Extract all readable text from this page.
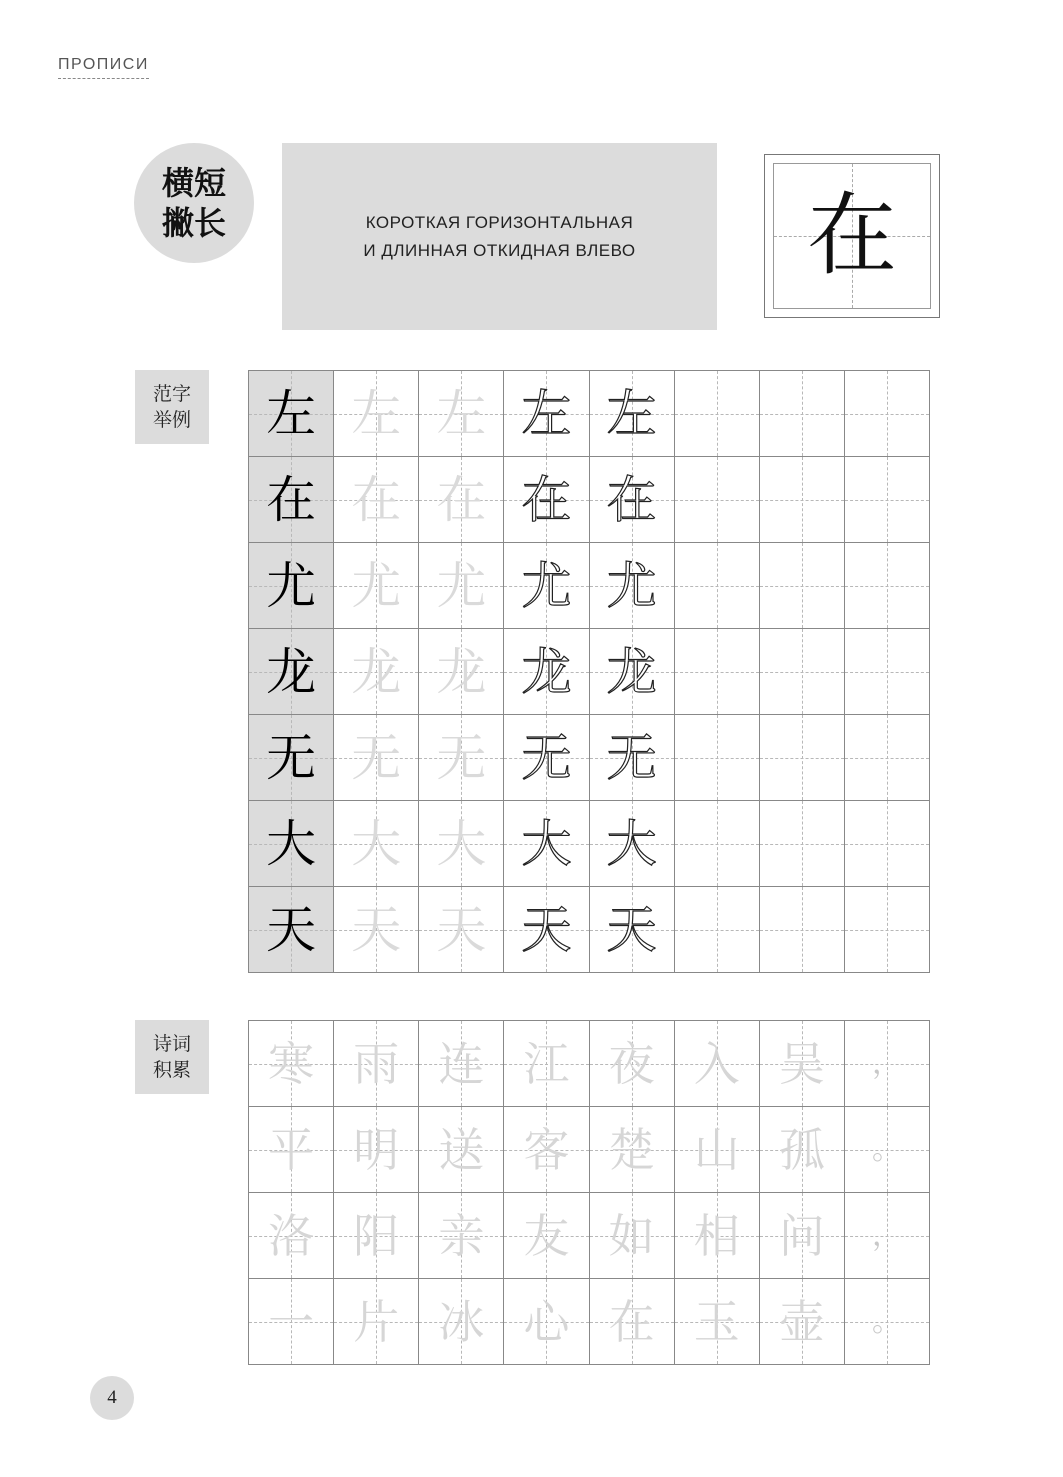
ПРОПИСИ
横短
撇长	КОРОТКАЯ ГОРИЗОНТАЛЬНАЯ
И ДЛИННАЯ ОТКИДНАЯ ВЛЕВО	在
范字
举例	左 左 左 左 左
在 在 在 在 在
尤 尤 尤 尤 尤
龙 龙 龙 龙 龙
无 无 无 无 无
大 大 大 大 大
天 天 天 天 天
诗词
积累	寒 雨 连 江 夜 入 吴	，
平 明 送 客 楚 山 孤	。
洛 阳 亲 友 如 相 问	，
一 片 冰 心 在 玉 壶	。
4
